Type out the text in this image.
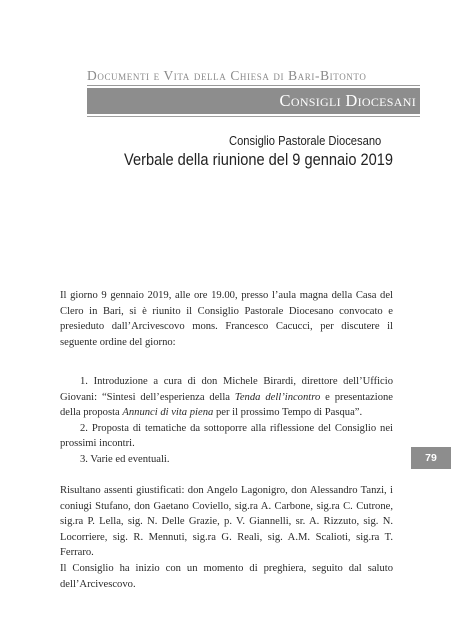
Documenti e Vita della Chiesa di Bari-Bitonto
Consigli Diocesani
Consiglio Pastorale Diocesano
Verbale della riunione del 9 gennaio 2019

Il giorno 9 gennaio 2019, alle ore 19.00, presso l’aula magna della Casa del Clero in Bari, si è riunito il Consiglio Pastorale Diocesano convocato e presieduto dall’Arcivescovo mons. Francesco Cacucci, per discutere il seguente ordine del giorno:

1. Introduzione a cura di don Michele Birardi, direttore dell’Ufficio Giovani: “Sintesi dell’esperienza della Tenda dell’incontro e presentazione della proposta Annunci di vita piena per il prossimo Tempo di Pasqua”.

2. Proposta di tematiche da sottoporre alla riflessione del Consiglio nei prossimi incontri.

3. Varie ed eventuali.

Risultano assenti giustificati: don Angelo Lagonigro, don Alessandro Tanzi, i coniugi Stufano, don Gaetano Coviello, sig.ra A. Carbone, sig.ra C. Cutrone, sig.ra P. Lella, sig. N. Delle Grazie, p. V. Giannelli, sr. A. Rizzuto, sig. N. Locorriere, sig. R. Mennuti, sig.ra G. Reali, sig. A.M. Scalioti, sig.ra T. Ferraro.

Il Consiglio ha inizio con un momento di preghiera, seguito dal saluto dell’Arcivescovo.

79
